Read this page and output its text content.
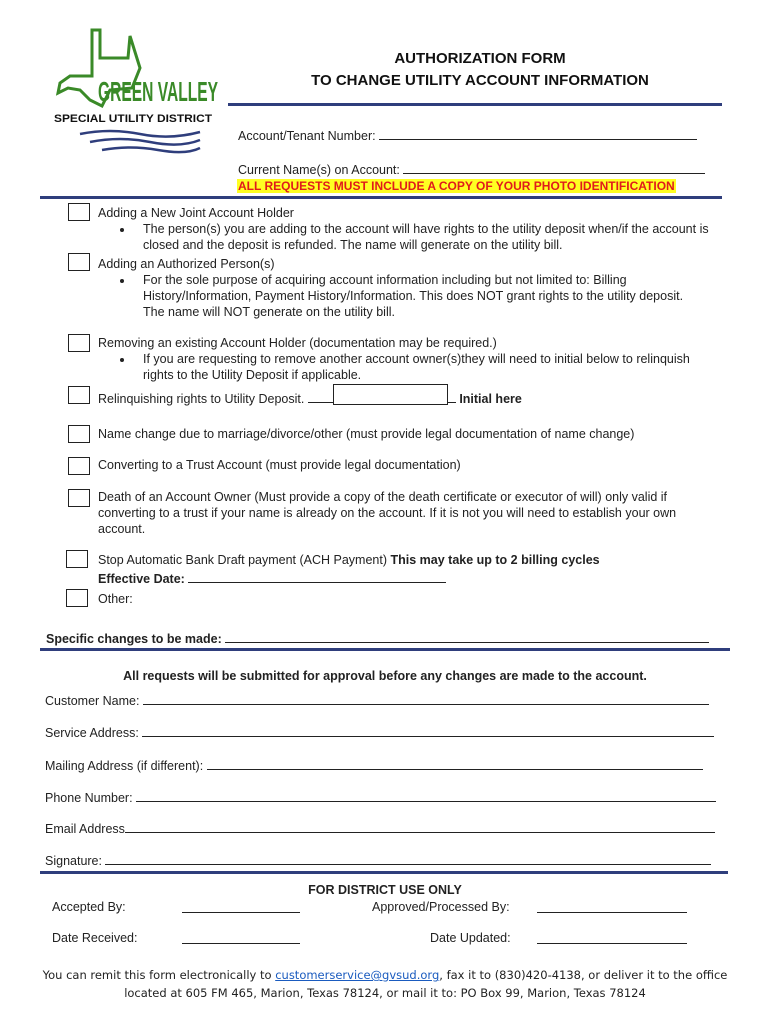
GREEN VALLEY
SPECIAL UTILITY DISTRICT
AUTHORIZATION FORM
TO CHANGE UTILITY ACCOUNT INFORMATION
Account/Tenant Number:
Current Name(s) on Account:
ALL REQUESTS MUST INCLUDE A COPY OF YOUR PHOTO IDENTIFICATION
Adding a New Joint Account Holder
The person(s) you are adding to the account will have rights to the utility deposit when/if the account is closed and the deposit is refunded. The name will generate on the utility bill.
Adding an Authorized Person(s)
For the sole purpose of acquiring account information including but not limited to: Billing History/Information, Payment History/Information. This does NOT grant rights to the utility deposit. The name will NOT generate on the utility bill.
Removing an existing Account Holder (documentation may be required.)
If you are requesting to remove another account owner(s)they will need to initial below to relinquish rights to the Utility Deposit if applicable.
Relinquishing rights to Utility Deposit.	Initial here
Name change due to marriage/divorce/other (must provide legal documentation of name change)
Converting to a Trust Account (must provide legal documentation)
Death of an Account Owner (Must provide a copy of the death certificate or executor of will) only valid if converting to a trust if your name is already on the account. If it is not you will need to establish your own account.
Stop Automatic Bank Draft payment (ACH Payment) This may take up to 2 billing cycles
Effective Date:
Other:
Specific changes to be made:
All requests will be submitted for approval before any changes are made to the account.
Customer Name:
Service Address:
Mailing Address (if different):
Phone Number:
Email Address
Signature:
FOR DISTRICT USE ONLY
Accepted By:	Approved/Processed By:
Date Received:	Date Updated:
You can remit this form electronically to customerservice@gvsud.org, fax it to (830)420-4138, or deliver it to the office
located at 605 FM 465, Marion, Texas 78124, or mail it to: PO Box 99, Marion, Texas 78124
